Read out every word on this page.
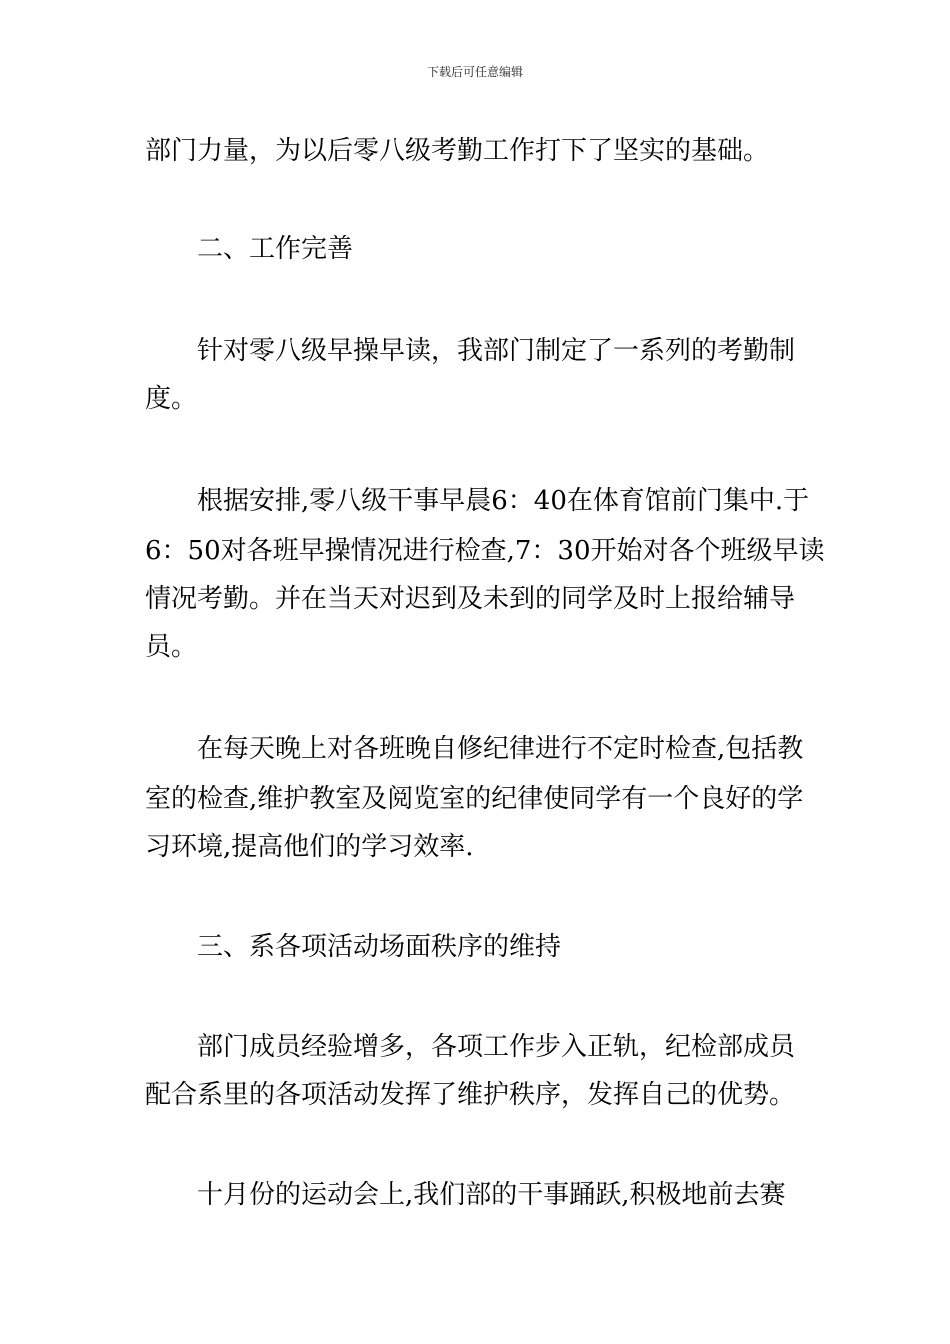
下载后可任意编辑
部门力量，为以后零八级考勤工作打下了坚实的基础。
二、工作完善
针对零八级早操早读，我部门制定了一系列的考勤制
度。
根据安排,零八级干事早晨6：40在体育馆前门集中.于
6：50对各班早操情况进行检查,7：30开始对各个班级早读
情况考勤。并在当天对迟到及未到的同学及时上报给辅导
员。
在每天晚上对各班晚自修纪律进行不定时检查,包括教
室的检查,维护教室及阅览室的纪律使同学有一个良好的学
习环境,提高他们的学习效率.
三、系各项活动场面秩序的维持
部门成员经验增多，各项工作步入正轨，纪检部成员
配合系里的各项活动发挥了维护秩序，发挥自己的优势。
十月份的运动会上,我们部的干事踊跃,积极地前去赛
